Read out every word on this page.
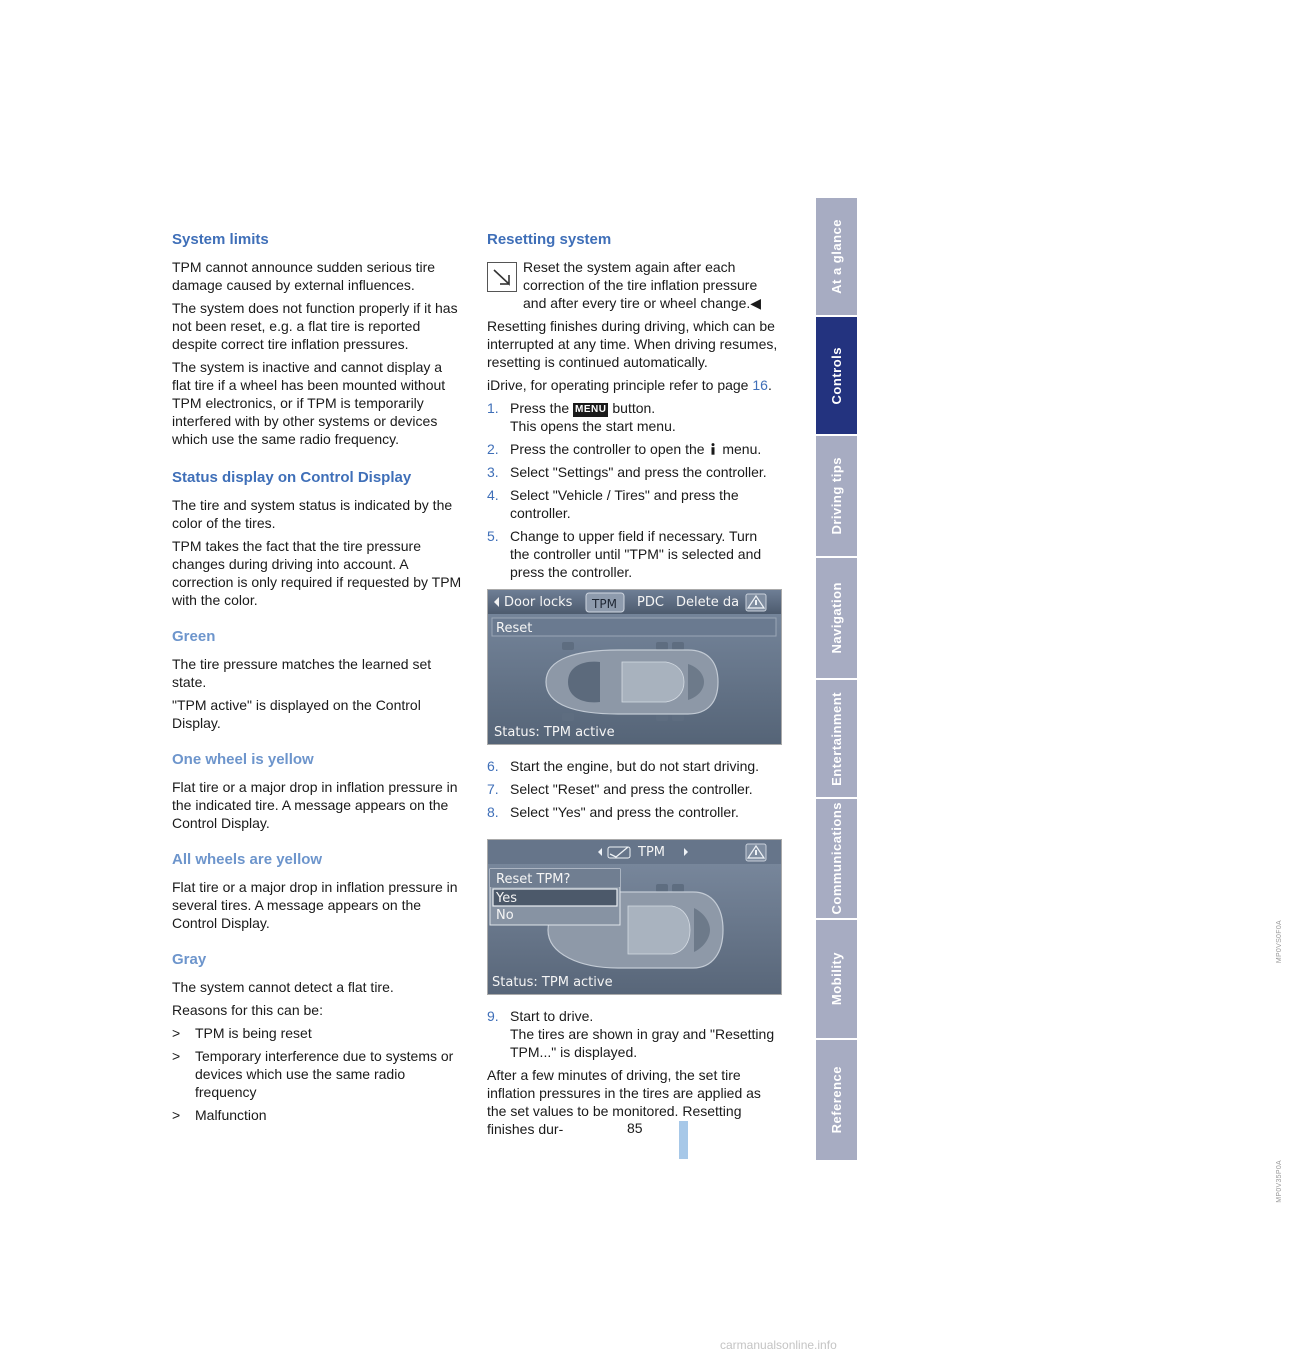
System limits

TPM cannot announce sudden serious tire damage caused by external influences.

The system does not function properly if it has not been reset, e.g. a flat tire is reported despite correct tire inflation pressures.

The system is inactive and cannot display a flat tire if a wheel has been mounted without TPM electronics, or if TPM is temporarily interfered with by other systems or devices which use the same radio frequency.

Status display on Control Display

The tire and system status is indicated by the color of the tires.

TPM takes the fact that the tire pressure changes during driving into account. A correction is only required if requested by TPM with the color.

Green

The tire pressure matches the learned set state.

"TPM active" is displayed on the Control Display.

One wheel is yellow

Flat tire or a major drop in inflation pressure in the indicated tire. A message appears on the Control Display.

All wheels are yellow

Flat tire or a major drop in inflation pressure in several tires. A message appears on the Control Display.

Gray

The system cannot detect a flat tire.

Reasons for this can be:

> TPM is being reset
> Temporary interference due to systems or devices which use the same radio frequency
> Malfunction
Resetting system
Reset the system again after each correction of the tire inflation pressure and after every tire or wheel change.◀

Resetting finishes during driving, which can be interrupted at any time. When driving resumes, resetting is continued automatically.

iDrive, for operating principle refer to page 16.

1. Press the MENU button.
This opens the start menu.
2. Press the controller to open the  menu.
3. Select "Settings" and press the controller.
4. Select "Vehicle / Tires" and press the controller.
5. Change to upper field if necessary. Turn the controller until "TPM" is selected and press the controller.
Door locks TPM PDC Delete da
Reset
Status: TPM active
MP0VS0F0A
6. Start the engine, but do not start driving.
7. Select "Reset" and press the controller.
8. Select "Yes" and press the controller.
TPM
Reset TPM?
Yes
No
Status: TPM active
MP0V35P0A
9. Start to drive.
The tires are shown in gray and "Resetting TPM..." is displayed.

After a few minutes of driving, the set tire inflation pressures in the tires are applied as the set values to be monitored. Resetting finishes dur-

At a glance
Controls
Driving tips
Navigation
Entertainment
Communications
Mobility
Reference
85
carmanualsonline.info
